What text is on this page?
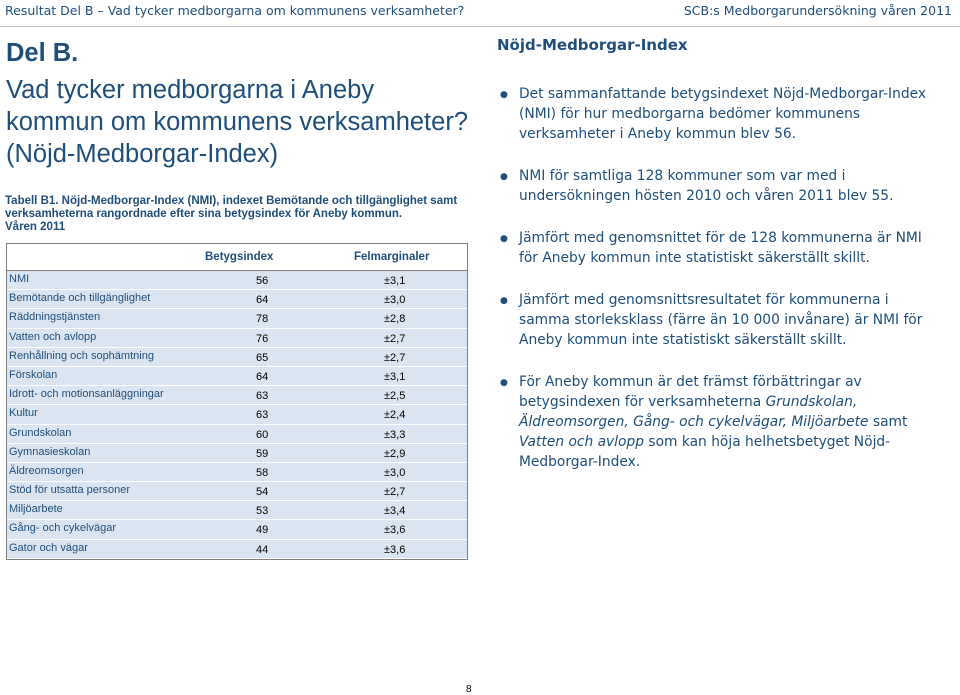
Resultat Del B – Vad tycker medborgarna om kommunens verksamheter?	SCB:s Medborgarundersökning våren 2011
Del B.
Vad tycker medborgarna i Aneby kommun om kommunens verksamheter? (Nöjd-Medborgar-Index)
Tabell B1. Nöjd-Medborgar-Index (NMI), indexet Bemötande och tillgänglighet samt verksamheterna rangordnade efter sina betygsindex för Aneby kommun.
Våren 2011
Betygsindex	Felmarginaler
NMI	56	±3,1
Bemötande och tillgänglighet	64	±3,0
Räddningstjänsten	78	±2,8
Vatten och avlopp	76	±2,7
Renhållning och sophämtning	65	±2,7
Förskolan	64	±3,1
Idrott- och motionsanläggningar	63	±2,5
Kultur	63	±2,4
Grundskolan	60	±3,3
Gymnasieskolan	59	±2,9
Äldreomsorgen	58	±3,0
Stöd för utsatta personer	54	±2,7
Miljöarbete	53	±3,4
Gång- och cykelvägar	49	±3,6
Gator och vägar	44	±3,6
Nöjd-Medborgar-Index
● Det sammanfattande betygsindexet Nöjd-Medborgar-Index (NMI) för hur medborgarna bedömer kommunens verksamheter i Aneby kommun blev 56.
● NMI för samtliga 128 kommuner som var med i undersökningen hösten 2010 och våren 2011 blev 55.
● Jämfört med genomsnittet för de 128 kommunerna är NMI för Aneby kommun inte statistiskt säkerställt skillt.
● Jämfört med genomsnittsresultatet för kommunerna i samma storleksklass (färre än 10 000 invånare) är NMI för Aneby kommun inte statistiskt säkerställt skillt.
● För Aneby kommun är det främst förbättringar av betygsindexen för verksamheterna Grundskolan, Äldreomsorgen, Gång- och cykelvägar, Miljöarbete samt Vatten och avlopp som kan höja helhetsbetyget Nöjd-Medborgar-Index.
8
